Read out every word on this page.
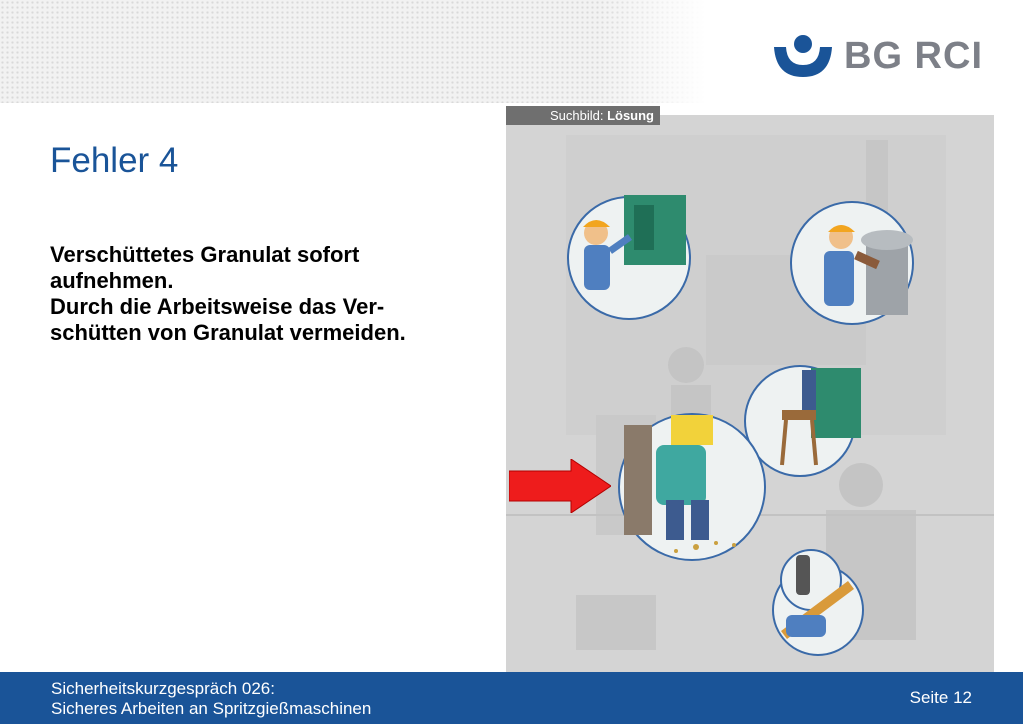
BG RCI
Fehler 4
Verschüttetes Granulat sofort
aufnehmen.
Durch die Arbeitsweise das Ver-
schütten von Granulat vermeiden.
Suchbild: Lösung
Sicherheitskurzgespräch 026:
Sicheres Arbeiten an Spritzgießmaschinen
Seite 12
